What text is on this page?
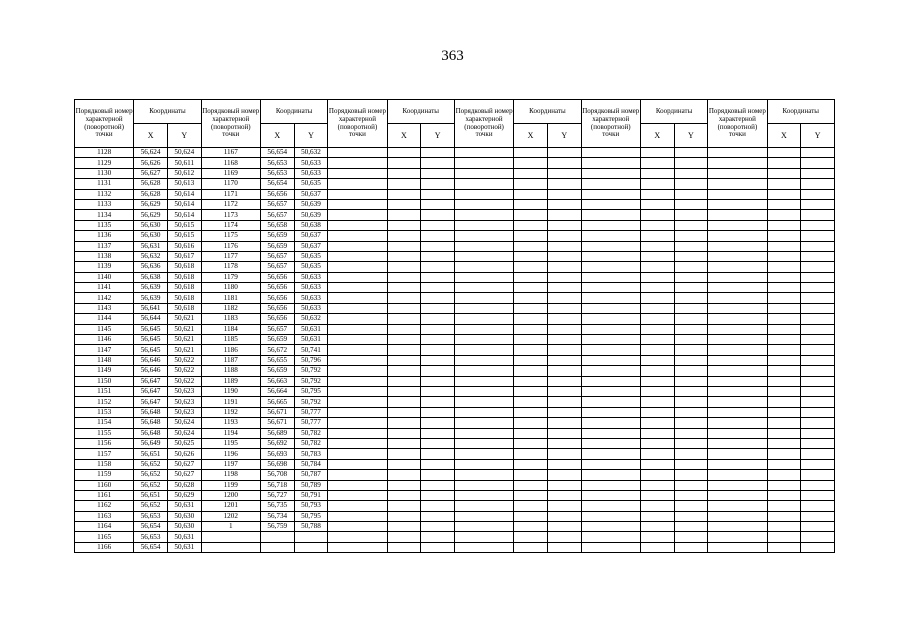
363
Порядковый номер характерной (поворотной) точки	Координаты		Порядковый номер характерной (поворотной) точки	Координаты		Порядковый номер характерной (поворотной) точки	Координаты		Порядковый номер характерной (поворотной) точки	Координаты		Порядковый номер характерной (поворотной) точки	Координаты		Порядковый номер характерной (поворотной) точки	Координаты	
	X	Y		X	Y		X	Y		X	Y		X	Y		X	Y
1128	56,624	50,624	1167	56,654	50,632												
1129	56,626	50,611	1168	56,653	50,633												
1130	56,627	50,612	1169	56,653	50,633												
1131	56,628	50,613	1170	56,654	50,635												
1132	56,628	50,614	1171	56,656	50,637												
1133	56,629	50,614	1172	56,657	50,639												
1134	56,629	50,614	1173	56,657	50,639												
1135	56,630	50,615	1174	56,658	50,638												
1136	56,630	50,615	1175	56,659	50,637												
1137	56,631	50,616	1176	56,659	50,637												
1138	56,632	50,617	1177	56,657	50,635												
1139	56,636	50,618	1178	56,657	50,635												
1140	56,638	50,618	1179	56,656	50,633												
1141	56,639	50,618	1180	56,656	50,633												
1142	56,639	50,618	1181	56,656	50,633												
1143	56,641	50,618	1182	56,656	50,633												
1144	56,644	50,621	1183	56,656	50,632												
1145	56,645	50,621	1184	56,657	50,631												
1146	56,645	50,621	1185	56,659	50,631												
1147	56,645	50,621	1186	56,672	50,741												
1148	56,646	50,622	1187	56,655	50,796												
1149	56,646	50,622	1188	56,659	50,792												
1150	56,647	50,622	1189	56,663	50,792												
1151	56,647	50,623	1190	56,664	50,795												
1152	56,647	50,623	1191	56,665	50,792												
1153	56,648	50,623	1192	56,671	50,777												
1154	56,648	50,624	1193	56,671	50,777												
1155	56,648	50,624	1194	56,689	50,782												
1156	56,649	50,625	1195	56,692	50,782												
1157	56,651	50,626	1196	56,693	50,783												
1158	56,652	50,627	1197	56,698	50,784												
1159	56,652	50,627	1198	56,708	50,787												
1160	56,652	50,628	1199	56,718	50,789												
1161	56,651	50,629	1200	56,727	50,791												
1162	56,652	50,631	1201	56,735	50,793												
1163	56,653	50,630	1202	56,734	50,795												
1164	56,654	50,630	1	56,759	50,788												
1165	56,653	50,631															
1166	56,654	50,631															
